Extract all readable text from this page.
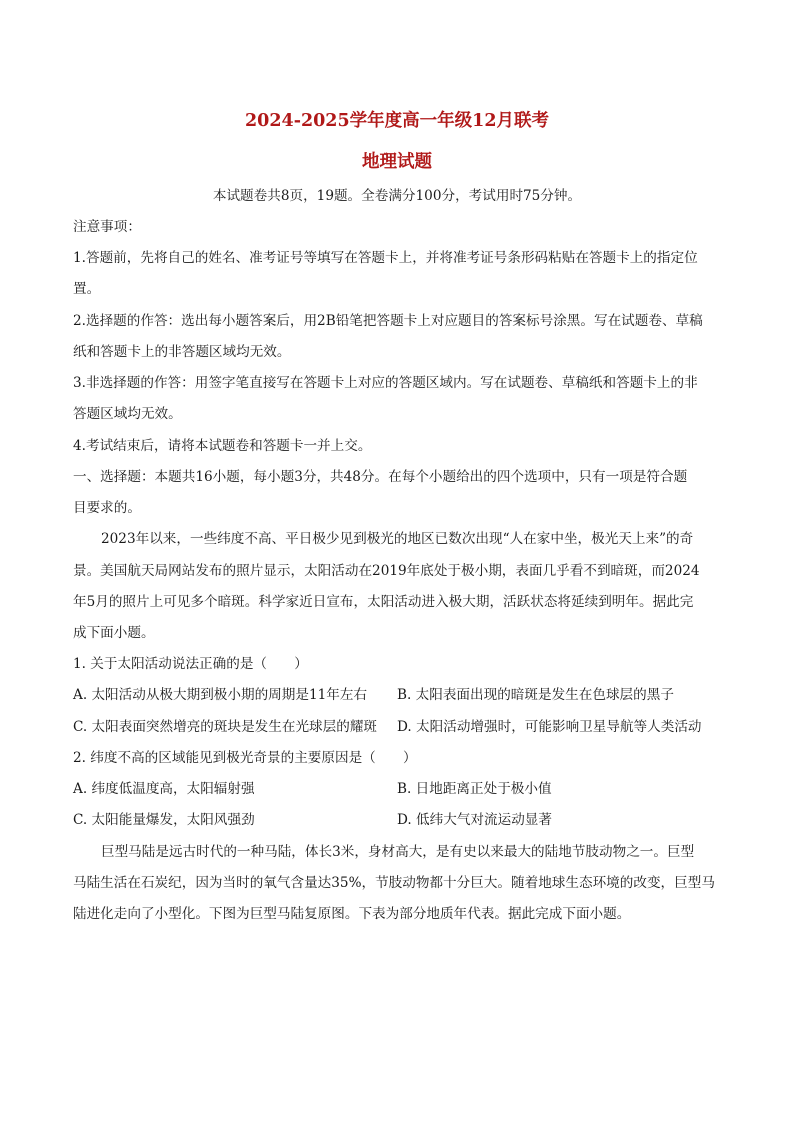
2024-2025学年度高一年级12月联考
地理试题
本试题卷共8页，19题。全卷满分100分，考试用时75分钟。
注意事项：
1.答题前，先将自己的姓名、准考证号等填写在答题卡上，并将准考证号条形码粘贴在答题卡上的指定位
置。
2.选择题的作答：选出每小题答案后，用2B铅笔把答题卡上对应题目的答案标号涂黑。写在试题卷、草稿
纸和答题卡上的非答题区域均无效。
3.非选择题的作答：用签字笔直接写在答题卡上对应的答题区域内。写在试题卷、草稿纸和答题卡上的非
答题区域均无效。
4.考试结束后，请将本试题卷和答题卡一并上交。
一、选择题：本题共16小题，每小题3分，共48分。在每个小题给出的四个选项中，只有一项是符合题
目要求的。
2023年以来，一些纬度不高、平日极少见到极光的地区已数次出现“人在家中坐，极光天上来”的奇
景。美国航天局网站发布的照片显示，太阳活动在2019年底处于极小期，表面几乎看不到暗斑，而2024
年5月的照片上可见多个暗斑。科学家近日宣布，太阳活动进入极大期，活跃状态将延续到明年。据此完
成下面小题。
1. 关于太阳活动说法正确的是（　　）
A. 太阳活动从极大期到极小期的周期是11年左右 B. 太阳表面出现的暗斑是发生在色球层的黑子
C. 太阳表面突然增亮的斑块是发生在光球层的耀斑 D. 太阳活动增强时，可能影响卫星导航等人类活动
2. 纬度不高的区域能见到极光奇景的主要原因是（　　）
A. 纬度低温度高，太阳辐射强	B. 日地距离正处于极小值
C. 太阳能量爆发，太阳风强劲	D. 低纬大气对流运动显著
巨型马陆是远古时代的一种马陆，体长3米，身材高大，是有史以来最大的陆地节肢动物之一。巨型
马陆生活在石炭纪，因为当时的氧气含量达35%，节肢动物都十分巨大。随着地球生态环境的改变，巨型马
陆进化走向了小型化。下图为巨型马陆复原图。下表为部分地质年代表。据此完成下面小题。
